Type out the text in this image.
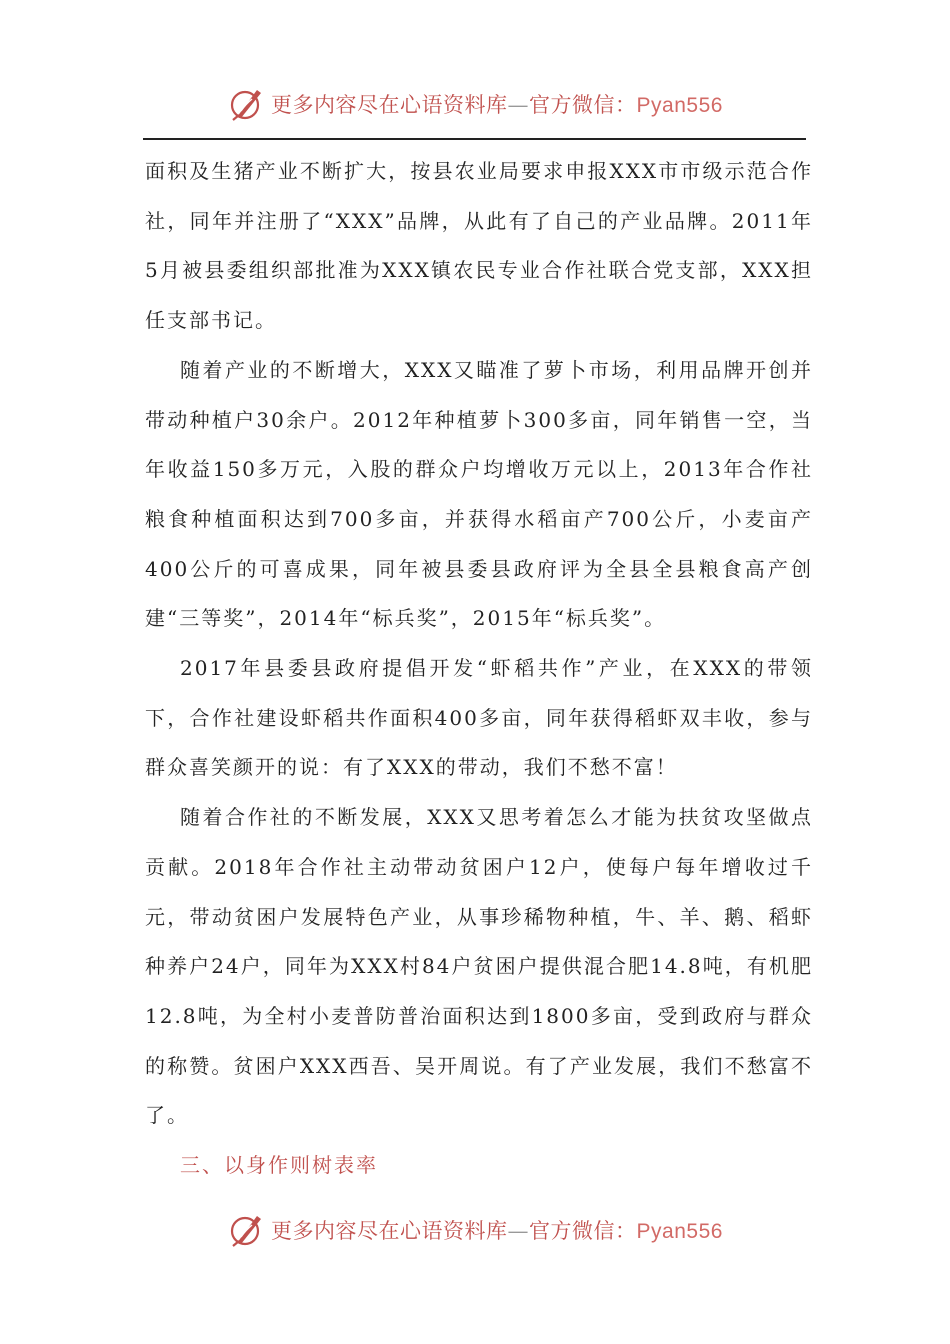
更多内容尽在心语资料库—官方微信：Pyan556

面积及生猪产业不断扩大，按县农业局要求申报XXX市市级示范合作社，同年并注册了“XXX”品牌，从此有了自己的产业品牌。2011年5月被县委组织部批准为XXX镇农民专业合作社联合党支部，XXX担任支部书记。

随着产业的不断增大，XXX又瞄准了萝卜市场，利用品牌开创并带动种植户30余户。2012年种植萝卜300多亩，同年销售一空，当年收益150多万元，入股的群众户均增收万元以上，2013年合作社粮食种植面积达到700多亩，并获得水稻亩产700公斤，小麦亩产400公斤的可喜成果，同年被县委县政府评为全县全县粮食高产创建“三等奖”，2014年“标兵奖”，2015年“标兵奖”。

2017年县委县政府提倡开发“虾稻共作”产业，在XXX的带领下，合作社建设虾稻共作面积400多亩，同年获得稻虾双丰收，参与群众喜笑颜开的说：有了XXX的带动，我们不愁不富！

随着合作社的不断发展，XXX又思考着怎么才能为扶贫攻坚做点贡献。2018年合作社主动带动贫困户12户，使每户每年增收过千元，带动贫困户发展特色产业，从事珍稀物种植，牛、羊、鹅、稻虾种养户24户，同年为XXX村84户贫困户提供混合肥14.8吨，有机肥12.8吨，为全村小麦普防普治面积达到1800多亩，受到政府与群众的称赞。贫困户XXX西吾、吴开周说。有了产业发展，我们不愁富不了。

三、以身作则树表率

更多内容尽在心语资料库—官方微信：Pyan556
